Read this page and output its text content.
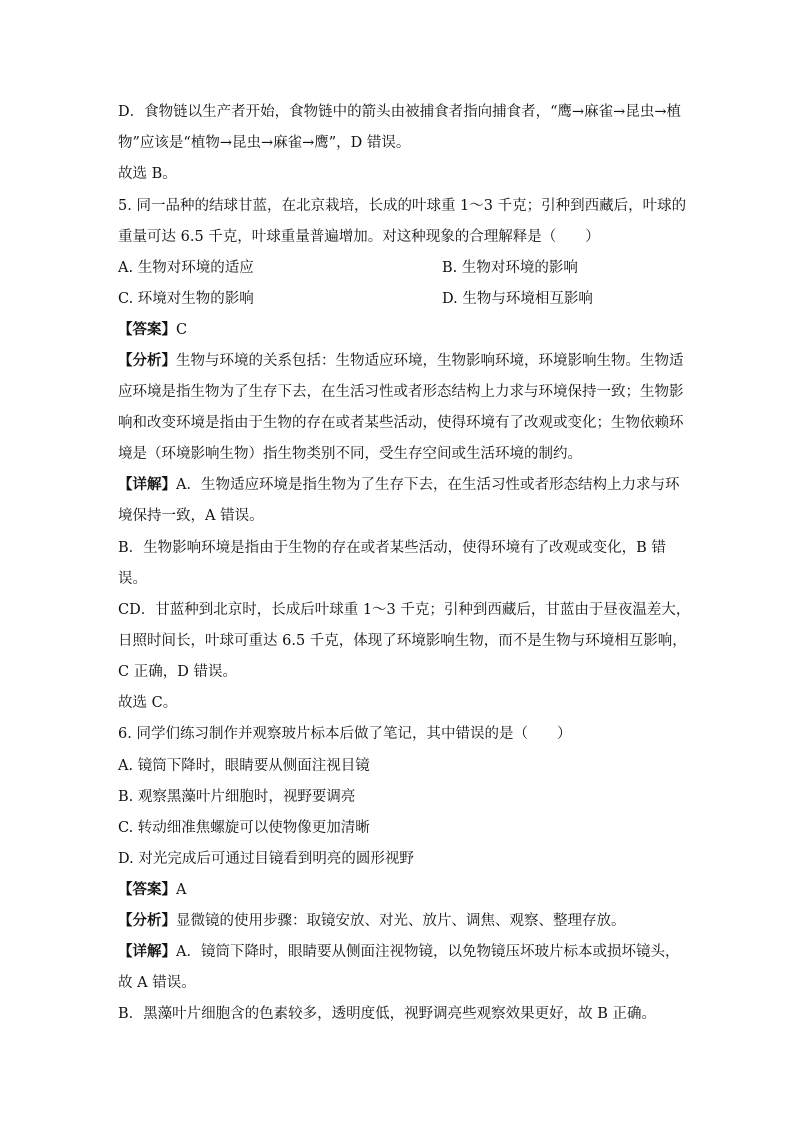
D．食物链以生产者开始，食物链中的箭头由被捕食者指向捕食者，“鹰→麻雀→昆虫→植
物”应该是“植物→昆虫→麻雀→鹰”，D 错误。
故选 B。
5. 同一品种的结球甘蓝，在北京栽培，长成的叶球重 1～3 千克；引种到西藏后，叶球的
重量可达 6.5 千克，叶球重量普遍增加。对这种现象的合理解释是（　　）
A. 生物对环境的适应	B. 生物对环境的影响
C. 环境对生物的影响	D. 生物与环境相互影响
【答案】C
【分析】生物与环境的关系包括：生物适应环境，生物影响环境，环境影响生物。生物适
应环境是指生物为了生存下去，在生活习性或者形态结构上力求与环境保持一致；生物影
响和改变环境是指由于生物的存在或者某些活动，使得环境有了改观或变化；生物依赖环
境是（环境影响生物）指生物类别不同，受生存空间或生活环境的制约。
【详解】A．生物适应环境是指生物为了生存下去，在生活习性或者形态结构上力求与环
境保持一致，A 错误。
B．生物影响环境是指由于生物的存在或者某些活动，使得环境有了改观或变化，B 错
误。
CD．甘蓝种到北京时，长成后叶球重 1～3 千克；引种到西藏后，甘蓝由于昼夜温差大，
日照时间长，叶球可重达 6.5 千克，体现了环境影响生物，而不是生物与环境相互影响，
C 正确，D 错误。
故选 C。
6. 同学们练习制作并观察玻片标本后做了笔记，其中错误的是（　　）
A. 镜筒下降时，眼睛要从侧面注视目镜
B. 观察黑藻叶片细胞时，视野要调亮
C. 转动细准焦螺旋可以使物像更加清晰
D. 对光完成后可通过目镜看到明亮的圆形视野
【答案】A
【分析】显微镜的使用步骤：取镜安放、对光、放片、调焦、观察、整理存放。
【详解】A．镜筒下降时，眼睛要从侧面注视物镜，以免物镜压坏玻片标本或损坏镜头，
故 A 错误。
B．黑藻叶片细胞含的色素较多，透明度低，视野调亮些观察效果更好，故 B 正确。
